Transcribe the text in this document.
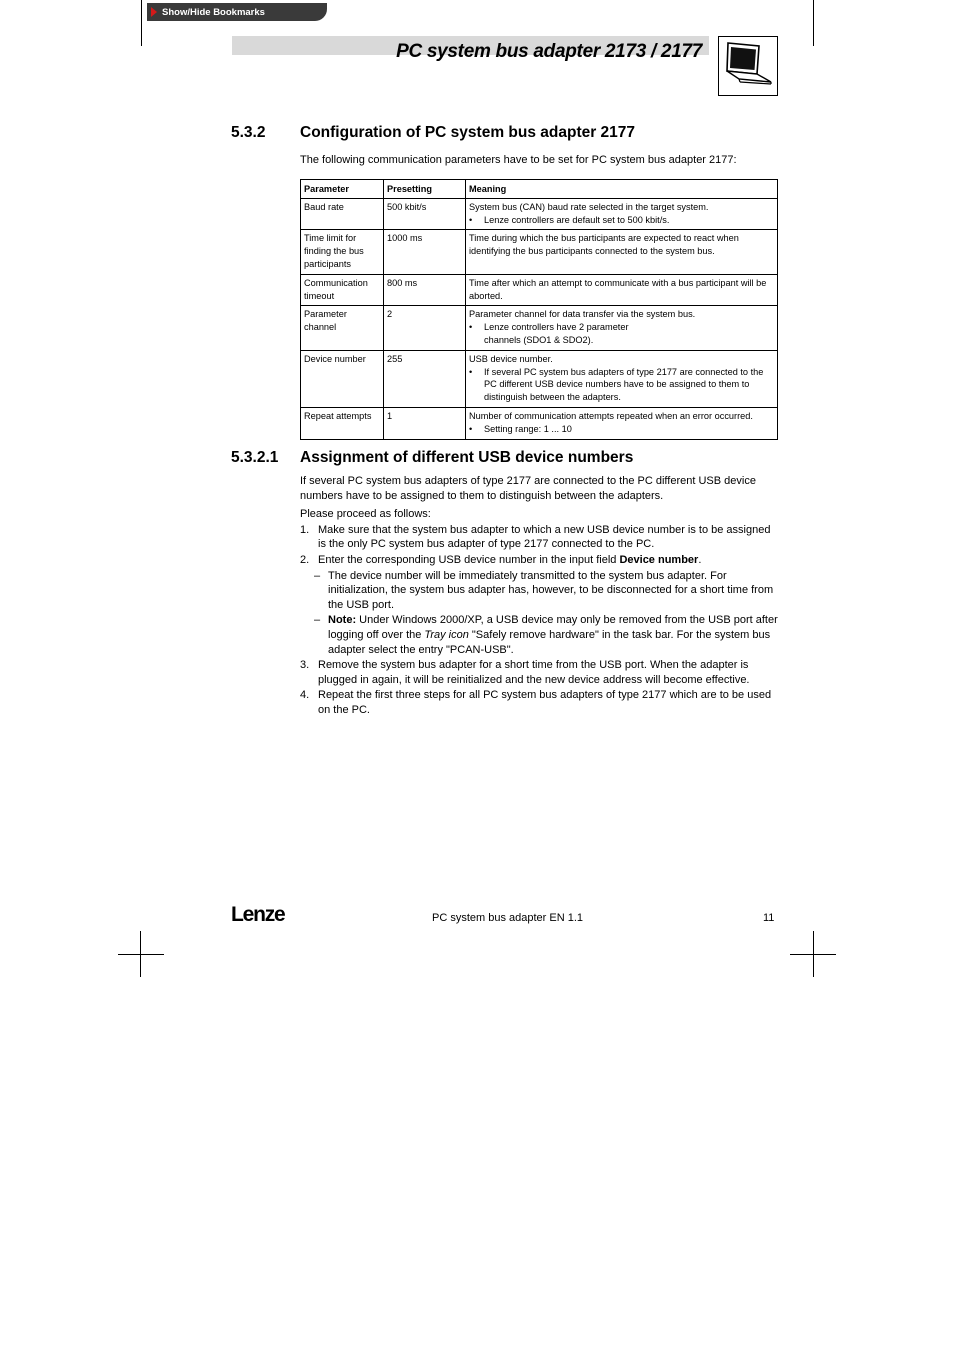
Show/Hide Bookmarks
PC system bus adapter 2173 / 2177
5.3.2 Configuration of PC system bus adapter 2177
The following communication parameters have to be set for PC system bus adapter 2177:
Parameter	Presetting	Meaning
Baud rate	500 kbit/s	System bus (CAN) baud rate selected in the target system.
• Lenze controllers are default set to 500 kbit/s.

Time limit for finding the bus participants	1000 ms	Time during which the bus participants are expected to react when identifying the bus participants connected to the system bus.

Communication timeout	800 ms	Time after which an attempt to communicate with a bus participant will be aborted.

Parameter channel	2	Parameter channel for data transfer via the system bus.
• Lenze controllers have 2 parameter channels (SDO1 & SDO2).

Device number	255	USB device number.
• If several PC system bus adapters of type 2177 are connected to the PC different USB device numbers have to be assigned to them to distinguish between the adapters.

Repeat attempts	1	Number of communication attempts repeated when an error occurred.
• Setting range: 1 ... 10
5.3.2.1 Assignment of different USB device numbers
If several PC system bus adapters of type 2177 are connected to the PC different USB device numbers have to be assigned to them to distinguish between the adapters.
Please proceed as follows:
1. Make sure that the system bus adapter to which a new USB device number is to be assigned is the only PC system bus adapter of type 2177 connected to the PC.
2. Enter the corresponding USB device number in the input field Device number.
– The device number will be immediately transmitted to the system bus adapter. For initialization, the system bus adapter has, however, to be disconnected for a short time from the USB port.
– Note: Under Windows 2000/XP, a USB device may only be removed from the USB port after logging off over the Tray icon "Safely remove hardware" in the task bar. For the system bus adapter select the entry "PCAN-USB".
3. Remove the system bus adapter for a short time from the USB port. When the adapter is plugged in again, it will be reinitialized and the new device address will become effective.
4. Repeat the first three steps for all PC system bus adapters of type 2177 which are to be used on the PC.
Lenze	PC system bus adapter EN 1.1	11
